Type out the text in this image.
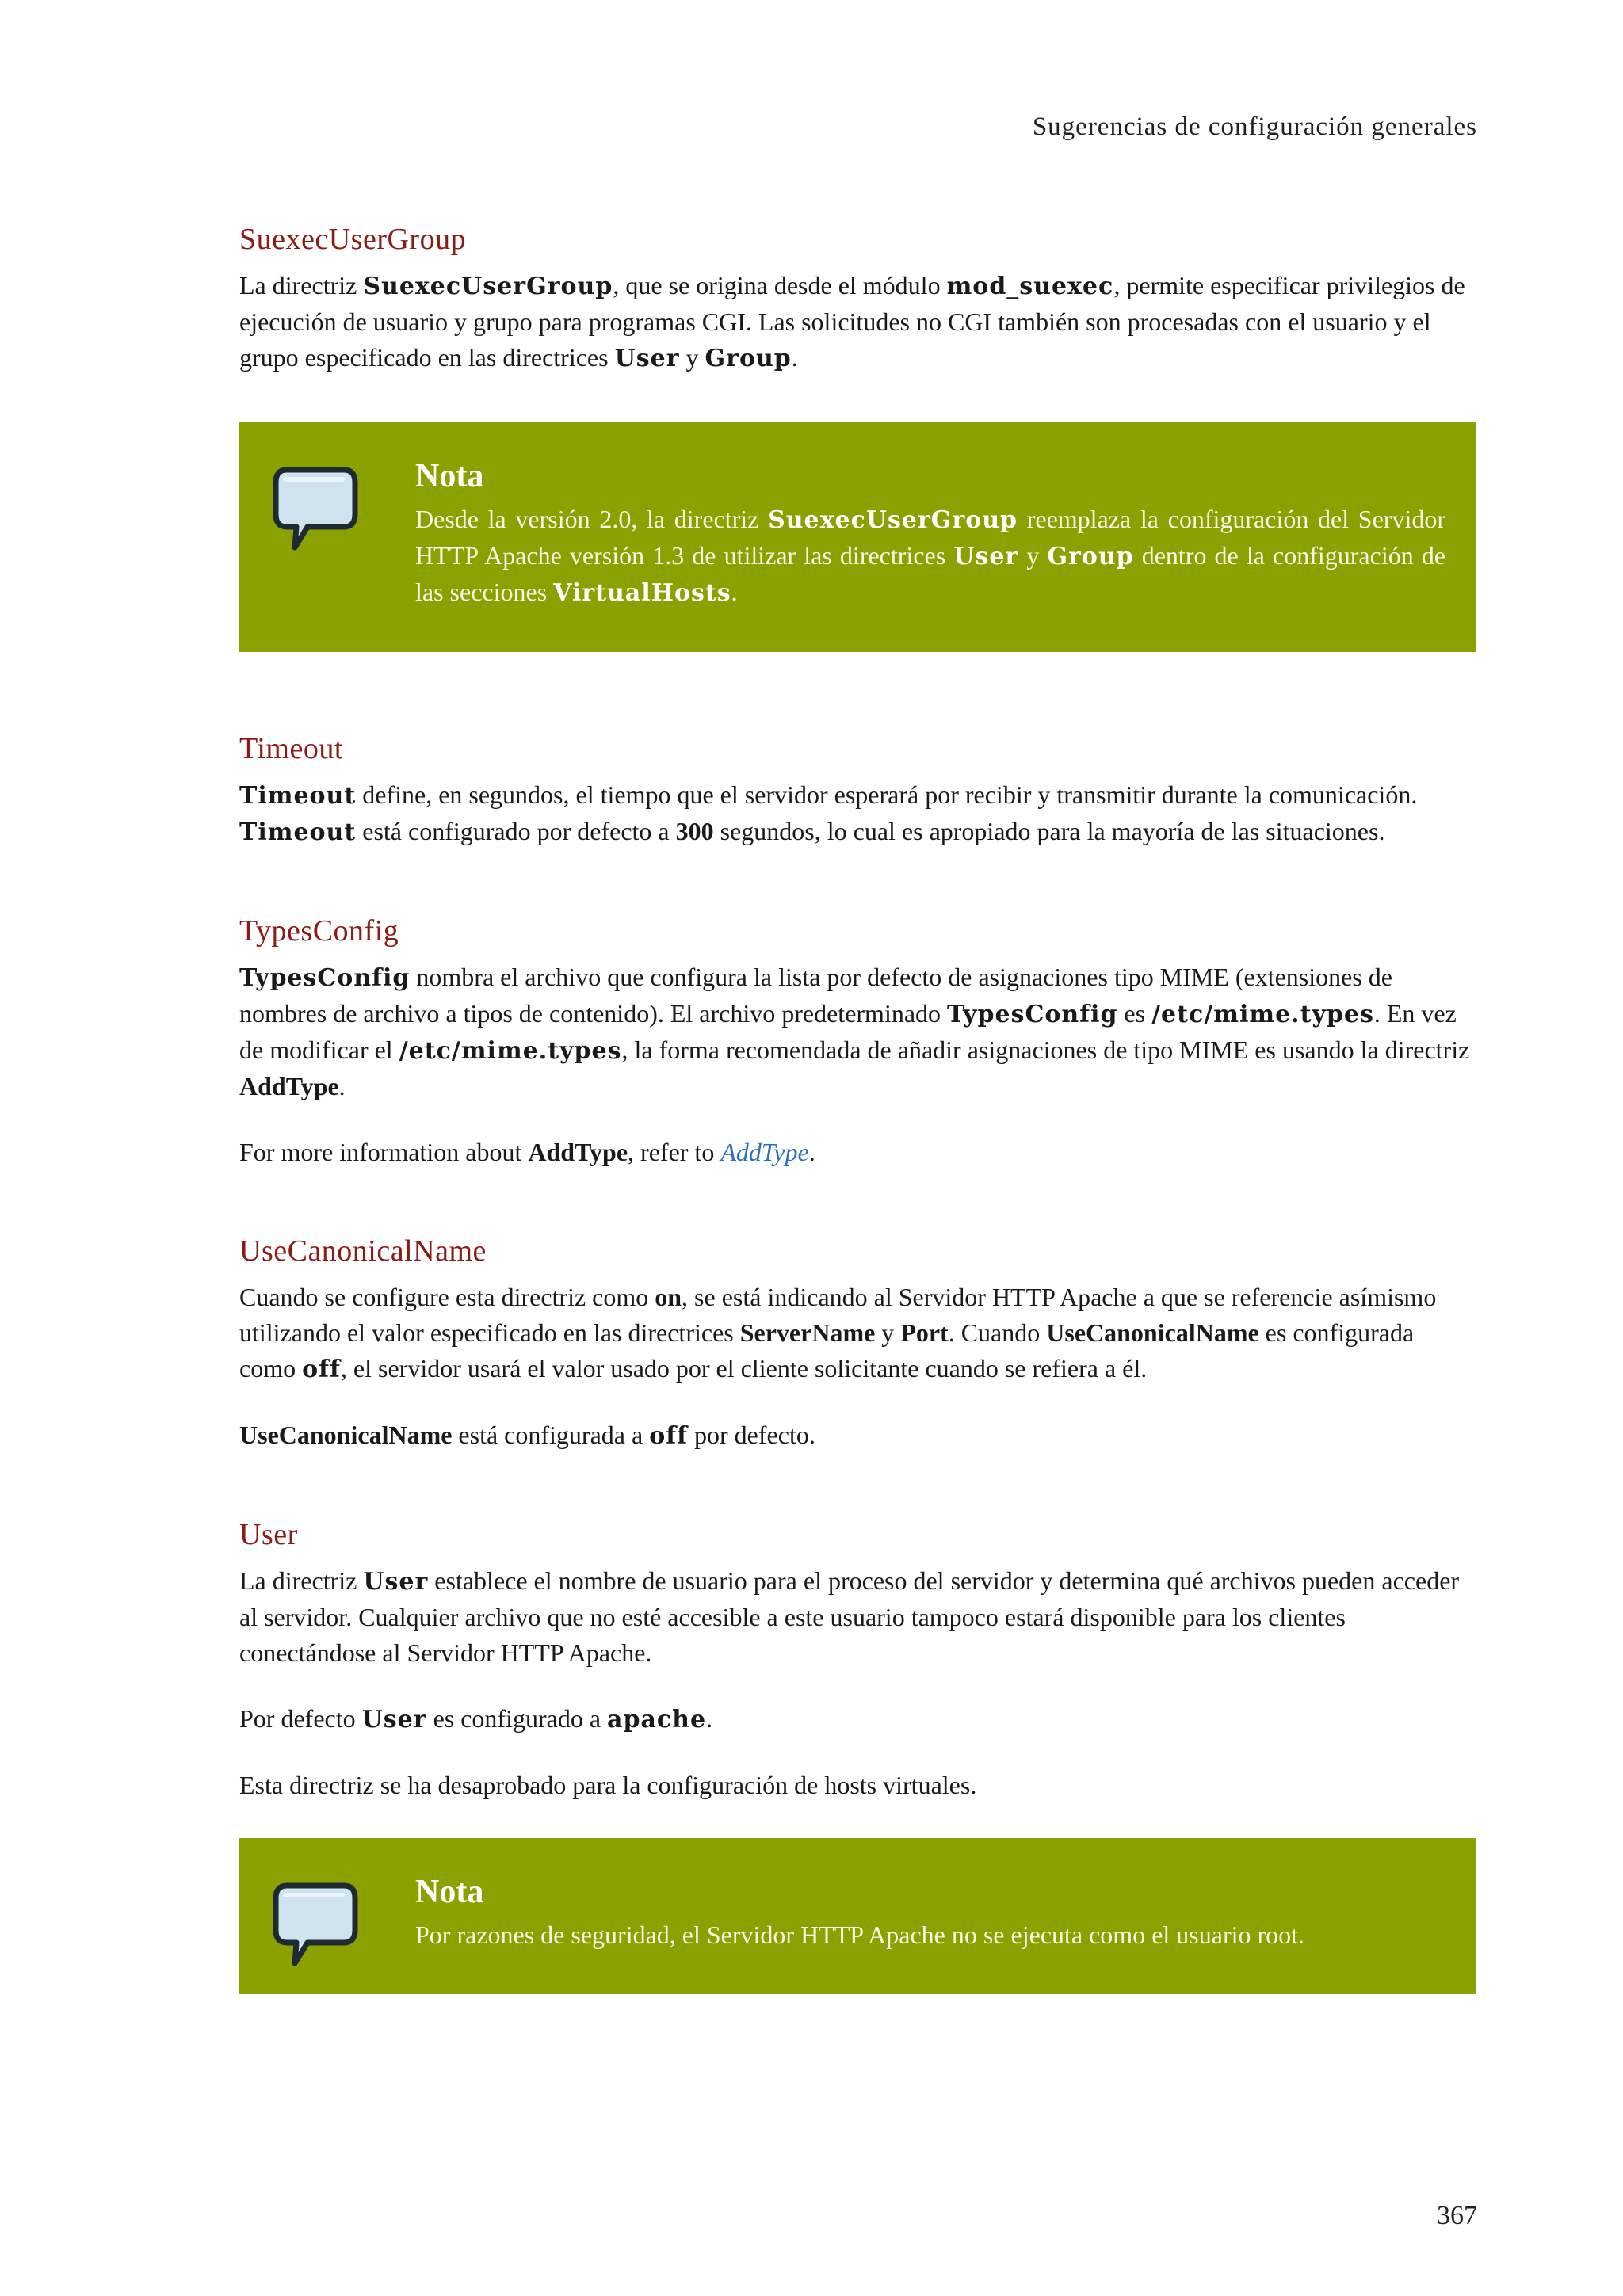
Sugerencias de configuración generales
SuexecUserGroup

La directriz SuexecUserGroup, que se origina desde el módulo mod_suexec, permite especificar privilegios de ejecución de usuario y grupo para programas CGI. Las solicitudes no CGI también son procesadas con el usuario y el grupo especificado en las directrices User y Group.

Nota

Desde la versión 2.0, la directriz SuexecUserGroup reemplaza la configuración del Servidor HTTP Apache versión 1.3 de utilizar las directrices User y Group dentro de la configuración de las secciones VirtualHosts.

Timeout

Timeout define, en segundos, el tiempo que el servidor esperará por recibir y transmitir durante la comunicación. Timeout está configurado por defecto a 300 segundos, lo cual es apropiado para la mayoría de las situaciones.

TypesConfig

TypesConfig nombra el archivo que configura la lista por defecto de asignaciones tipo MIME (extensiones de nombres de archivo a tipos de contenido). El archivo predeterminado TypesConfig es /etc/mime.types. En vez de modificar el /etc/mime.types, la forma recomendada de añadir asignaciones de tipo MIME es usando la directriz AddType.

For more information about AddType, refer to AddType.

UseCanonicalName

Cuando se configure esta directriz como on, se está indicando al Servidor HTTP Apache a que se referencie asímismo utilizando el valor especificado en las directrices ServerName y Port. Cuando UseCanonicalName es configurada como off, el servidor usará el valor usado por el cliente solicitante cuando se refiera a él.

UseCanonicalName está configurada a off por defecto.

User

La directriz User establece el nombre de usuario para el proceso del servidor y determina qué archivos pueden acceder al servidor. Cualquier archivo que no esté accesible a este usuario tampoco estará disponible para los clientes conectándose al Servidor HTTP Apache.

Por defecto User es configurado a apache.

Esta directriz se ha desaprobado para la configuración de hosts virtuales.

Nota

Por razones de seguridad, el Servidor HTTP Apache no se ejecuta como el usuario root.

367
